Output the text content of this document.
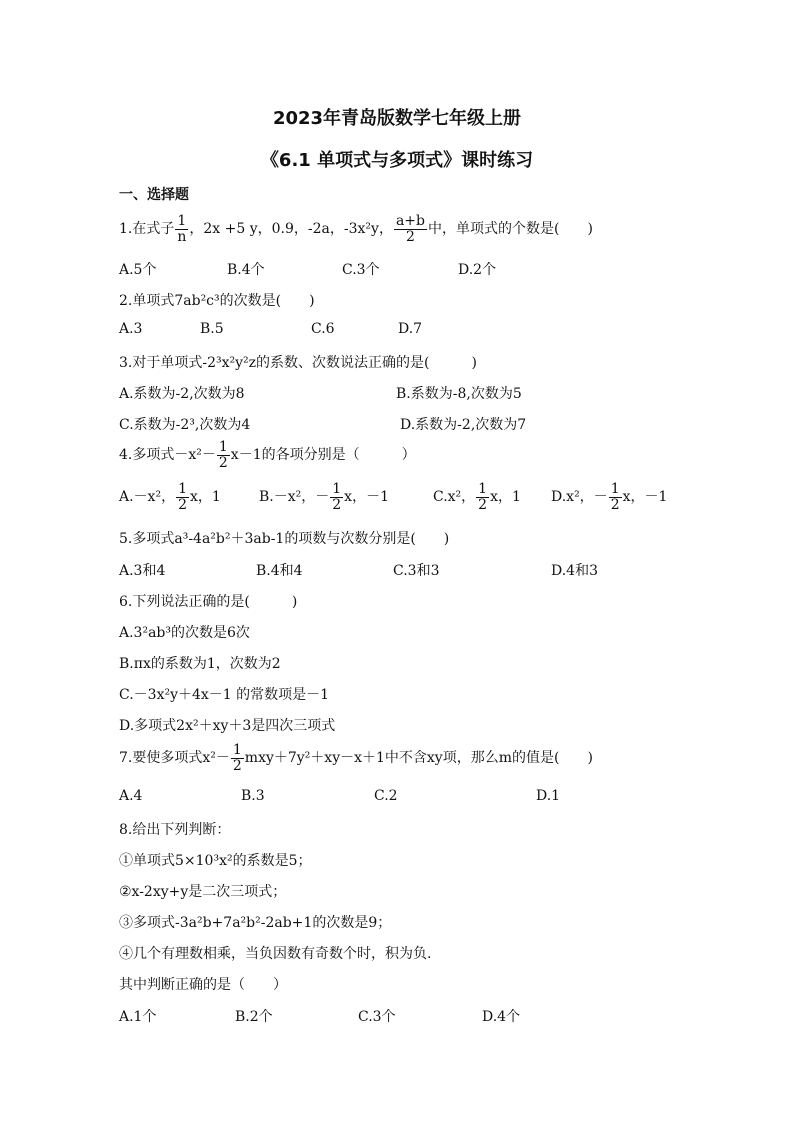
2023年青岛版数学七年级上册
《6.1 单项式与多项式》课时练习
一、选择题
1.在式子 $\frac{1}{n}$ ，2x +5 y，0.9，-2a，-3x²y， $\frac{a+b}{2}$ 中，单项式的个数是(　　)
A.5个	B.4个	C.3个	D.2个
2.单项式7ab²c³的次数是(　　)
A.3	B.5	C.6	D.7
3.对于单项式-2³x²y²z的系数、次数说法正确的是(　　　)
A.系数为-2,次数为8	B.系数为-8,次数为5
C.系数为-2³,次数为4	D.系数为-2,次数为7
4.多项式$-x^2- \frac{1}{2} x-1$的各项分别是（　　　）
A.－x²， $\frac{1}{2}$ x，1	B.－x²，－ $\frac{1}{2}$ x，－1	C.x²， $\frac{1}{2}$ x，1 D.x²，－ $\frac{1}{2}$ x，－1
5.多项式a³-4a²b²＋3ab-1的项数与次数分别是(　　)
A.3和4	B.4和4	C.3和3	D.4和3
6.下列说法正确的是(　　　)
A.3²ab³的次数是6次
B.πx的系数为1，次数为2
C.－3x²y＋4x－1 的常数项是－1
D.多项式2x²＋xy＋3是四次三项式
7.要使多项式$x^2- \frac{1}{2} mxy+7y^2+xy-x+1$中不含xy项，那么m的值是(　　)
A.4	B.3	C.2	D.1
8.给出下列判断：
①单项式5×10³x²的系数是5；
②x-2xy+y是二次三项式；
③多项式-3a²b+7a²b²-2ab+1的次数是9；
④几个有理数相乘，当负因数有奇数个时，积为负.
其中判断正确的是（　　）
A.1个	B.2个	C.3个	D.4个
